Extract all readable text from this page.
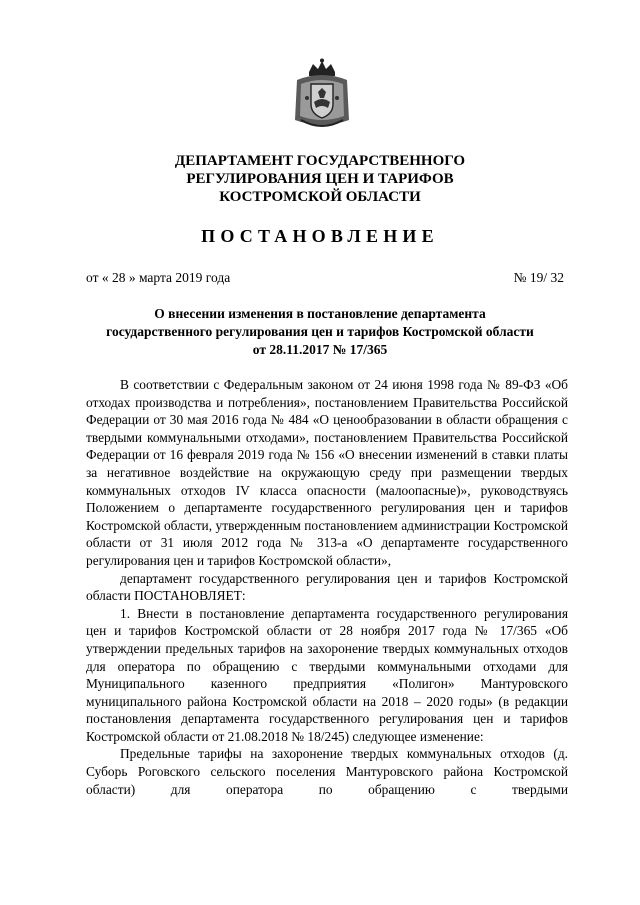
ДЕПАРТАМЕНТ ГОСУДАРСТВЕННОГО
РЕГУЛИРОВАНИЯ ЦЕН И ТАРИФОВ
КОСТРОМСКОЙ ОБЛАСТИ
ПОСТАНОВЛЕНИЕ
от « 28 » марта 2019 года	№ 19/ 32
О внесении изменения в постановление департамента
государственного регулирования цен и тарифов Костромской области
от 28.11.2017 № 17/365

В соответствии с Федеральным законом от 24 июня 1998 года № 89-ФЗ «Об отходах производства и потребления», постановлением Правительства Российской Федерации от 30 мая 2016 года № 484 «О ценообразовании в области обращения с твердыми коммунальными отходами», постановлением Правительства Российской Федерации от 16 февраля 2019 года № 156 «О внесении изменений в ставки платы за негативное воздействие на окружающую среду при размещении твердых коммунальных отходов IV класса опасности (малоопасные)», руководствуясь Положением о департаменте государственного регулирования цен и тарифов Костромской области, утвержденным постановлением администрации Костромской области от 31 июля 2012 года № 313-а «О департаменте государственного регулирования цен и тарифов Костромской области»,

департамент государственного регулирования цен и тарифов Костромской области ПОСТАНОВЛЯЕТ:

1. Внести в постановление департамента государственного регулирования цен и тарифов Костромской области от 28 ноября 2017 года № 17/365 «Об утверждении предельных тарифов на захоронение твердых коммунальных отходов для оператора по обращению с твердыми коммунальными отходами для Муниципального казенного предприятия «Полигон» Мантуровского муниципального района Костромской области на 2018 – 2020 годы» (в редакции постановления департамента государственного регулирования цен и тарифов Костромской области от 21.08.2018 № 18/245) следующее изменение:

Предельные тарифы на захоронение твердых коммунальных отходов (д. Суборь Роговского сельского поселения Мантуровского района Костромской области) для оператора по обращению с твердыми
